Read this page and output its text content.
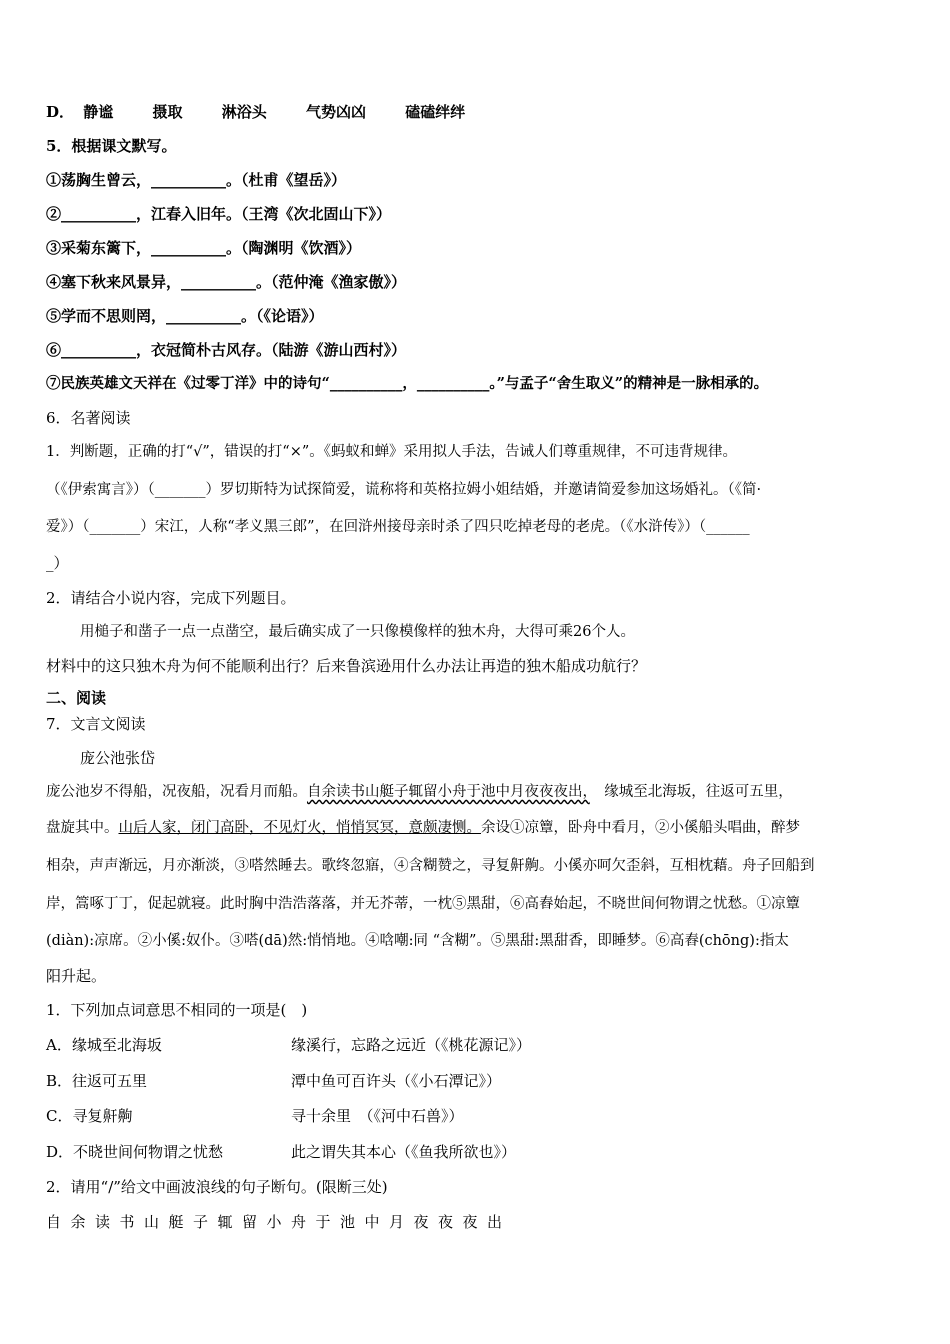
D． 静谧	摄取	淋浴头	气势凶凶	磕磕绊绊
5．根据课文默写。
①荡胸生曾云，__________。（杜甫《望岳》）
②__________，江春入旧年。（王湾《次北固山下》）
③采菊东篱下，__________。（陶渊明《饮酒》）
④塞下秋来风景异，__________。（范仲淹《渔家傲》）
⑤学而不思则罔，__________。（《论语》）
⑥__________，衣冠简朴古风存。（陆游《游山西村》）
⑦民族英雄文天祥在《过零丁洋》中的诗句“__________，__________。”与孟子“舍生取义”的精神是一脉相承的。
6．名著阅读
1．判断题，正确的打“√”，错误的打“×”。《蚂蚁和蝉》采用拟人手法，告诫人们尊重规律，不可违背规律。
（《伊索寓言》）（_______）罗切斯特为试探简爱，谎称将和英格拉姆小姐结婚，并邀请简爱参加这场婚礼。（《简·
爱》）（_______）宋江，人称“孝义黑三郎”，在回浒州接母亲时杀了四只吃掉老母的老虎。（《水浒传》）（______
_）
2．请结合小说内容，完成下列题目。
用槌子和凿子一点一点凿空，最后确实成了一只像模像样的独木舟，大得可乘26个人。
材料中的这只独木舟为何不能顺利出行？后来鲁滨逊用什么办法让再造的独木船成功航行？
二、阅读
7．文言文阅读
庞公池张岱
庞公池岁不得船，况夜船，况看月而船。自余读书山艇子辄留小舟于池中月夜夜夜出，　缘城至北海坂，往返可五里，
盘旋其中。山后人家，闭门高卧，不见灯火，悄悄冥冥，意颇凄恻。余设①凉簟，卧舟中看月，②小傒船头唱曲，醉梦
相杂，声声渐远，月亦渐淡，③嗒然睡去。歌终忽寤，④含糊赞之，寻复鼾齁。小傒亦呵欠歪斜，互相枕藉。舟子回船到
岸，篙啄丁丁，促起就寝。此时胸中浩浩落落，并无芥蒂，一枕⑤黑甜，⑥高舂始起，不晓世间何物谓之忧愁。①凉簟
(diàn):凉席。②小傒:奴仆。③嗒(dā)然:悄悄地。④唅嘲:同 “含糊”。⑤黑甜:黑甜香，即睡梦。⑥高舂(chōng):指太
阳升起。
1．下列加点词意思不相同的一项是(　)
A．缘城至北海坂	缘溪行，忘路之远近（《桃花源记》）
B．往返可五里	潭中鱼可百许头（《小石潭记》）
C．寻复鼾齁	寻十余里　（《河中石兽》）
D．不晓世间何物谓之忧愁	此之谓失其本心（《鱼我所欲也》）
2．请用“/”给文中画波浪线的句子断句。(限断三处)
自 余 读 书 山 艇 子 辄 留 小 舟 于 池 中 月 夜 夜 夜 出
